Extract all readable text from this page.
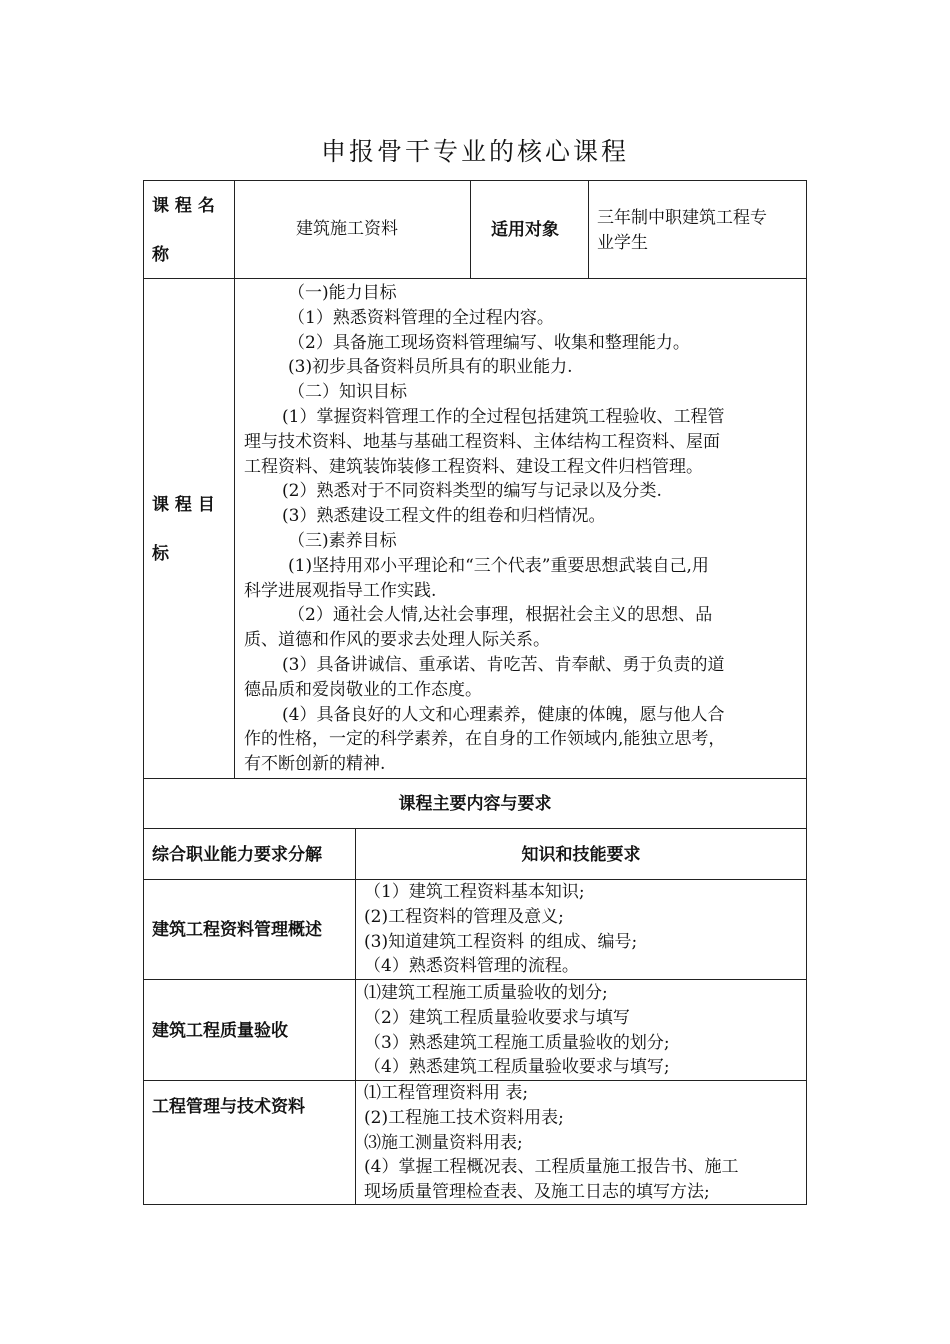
申报骨干专业的核心课程
课 程 名
称
建筑施工资料	适用对象
三年制中职建筑工程专
业学生
课 程 目
标
（一)能力目标
（1）熟悉资料管理的全过程内容。
（2）具备施工现场资料管理编写、收集和整理能力。
(3)初步具备资料员所具有的职业能力.
（二）知识目标
(1）掌握资料管理工作的全过程包括建筑工程验收、工程管
理与技术资料、地基与基础工程资料、主体结构工程资料、屋面
工程资料、建筑装饰装修工程资料、建设工程文件归档管理。
(2）熟悉对于不同资料类型的编写与记录以及分类.
(3）熟悉建设工程文件的组卷和归档情况。
（三)素养目标
(1)坚持用邓小平理论和“三个代表”重要思想武装自己,用
科学进展观指导工作实践.
（2）通社会人情,达社会事理，根据社会主义的思想、品
质、道德和作风的要求去处理人际关系。
(3）具备讲诚信、重承诺、肯吃苦、肯奉献、勇于负责的道
德品质和爱岗敬业的工作态度。
(4）具备良好的人文和心理素养，健康的体魄，愿与他人合
作的性格，一定的科学素养，在自身的工作领域内,能独立思考，
有不断创新的精神.
课程主要内容与要求
综合职业能力要求分解	知识和技能要求
建筑工程资料管理概述
（1）建筑工程资料基本知识;
(2)工程资料的管理及意义;
(3)知道建筑工程资料 的组成、编号;
（4）熟悉资料管理的流程。
建筑工程质量验收
⑴建筑工程施工质量验收的划分;
（2）建筑工程质量验收要求与填写
（3）熟悉建筑工程施工质量验收的划分;
（4）熟悉建筑工程质量验收要求与填写;
工程管理与技术资料
⑴工程管理资料用 表;
(2)工程施工技术资料用表;
⑶施工测量资料用表;
(4）掌握工程概况表、工程质量施工报告书、施工
现场质量管理检查表、及施工日志的填写方法;
